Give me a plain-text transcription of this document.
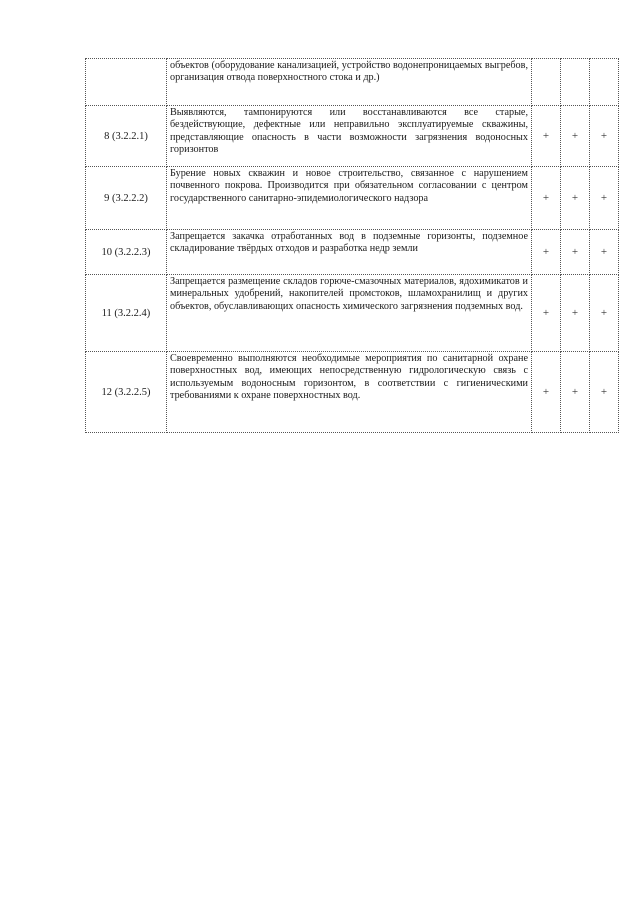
	объектов (оборудование канализацией, устройство водонепроницаемых выгребов, организация отвода поверхностного стока и др.)			
8 (3.2.2.1)	Выявляются, тампонируются или восстанавливаются все старые, бездействующие, дефектные или неправильно эксплуатируемые скважины, представляющие опасность в части возможности загрязнения водоносных горизонтов	+	+	+
9 (3.2.2.2)	Бурение новых скважин и новое строительство, связанное с нарушением почвенного покрова. Производится при обязательном согласовании с центром государственного санитарно-эпидемиологического надзора	+	+	+
10 (3.2.2.3)	Запрещается закачка отработанных вод в подземные горизонты, подземное складирование твёрдых отходов и разработка недр земли	+	+	+
11 (3.2.2.4)	Запрещается размещение складов горюче-смазочных материалов, ядохимикатов и минеральных удобрений, накопителей промстоков, шламохранилищ и других объектов, обуславливающих опасность химического загрязнения подземных вод.	+	+	+
12 (3.2.2.5)	Своевременно выполняются необходимые мероприятия по санитарной охране поверхностных вод, имеющих непосредственную гидрологическую связь с используемым водоносным горизонтом, в соответствии с гигиеническими требованиями к охране поверхностных вод.	+	+	+
